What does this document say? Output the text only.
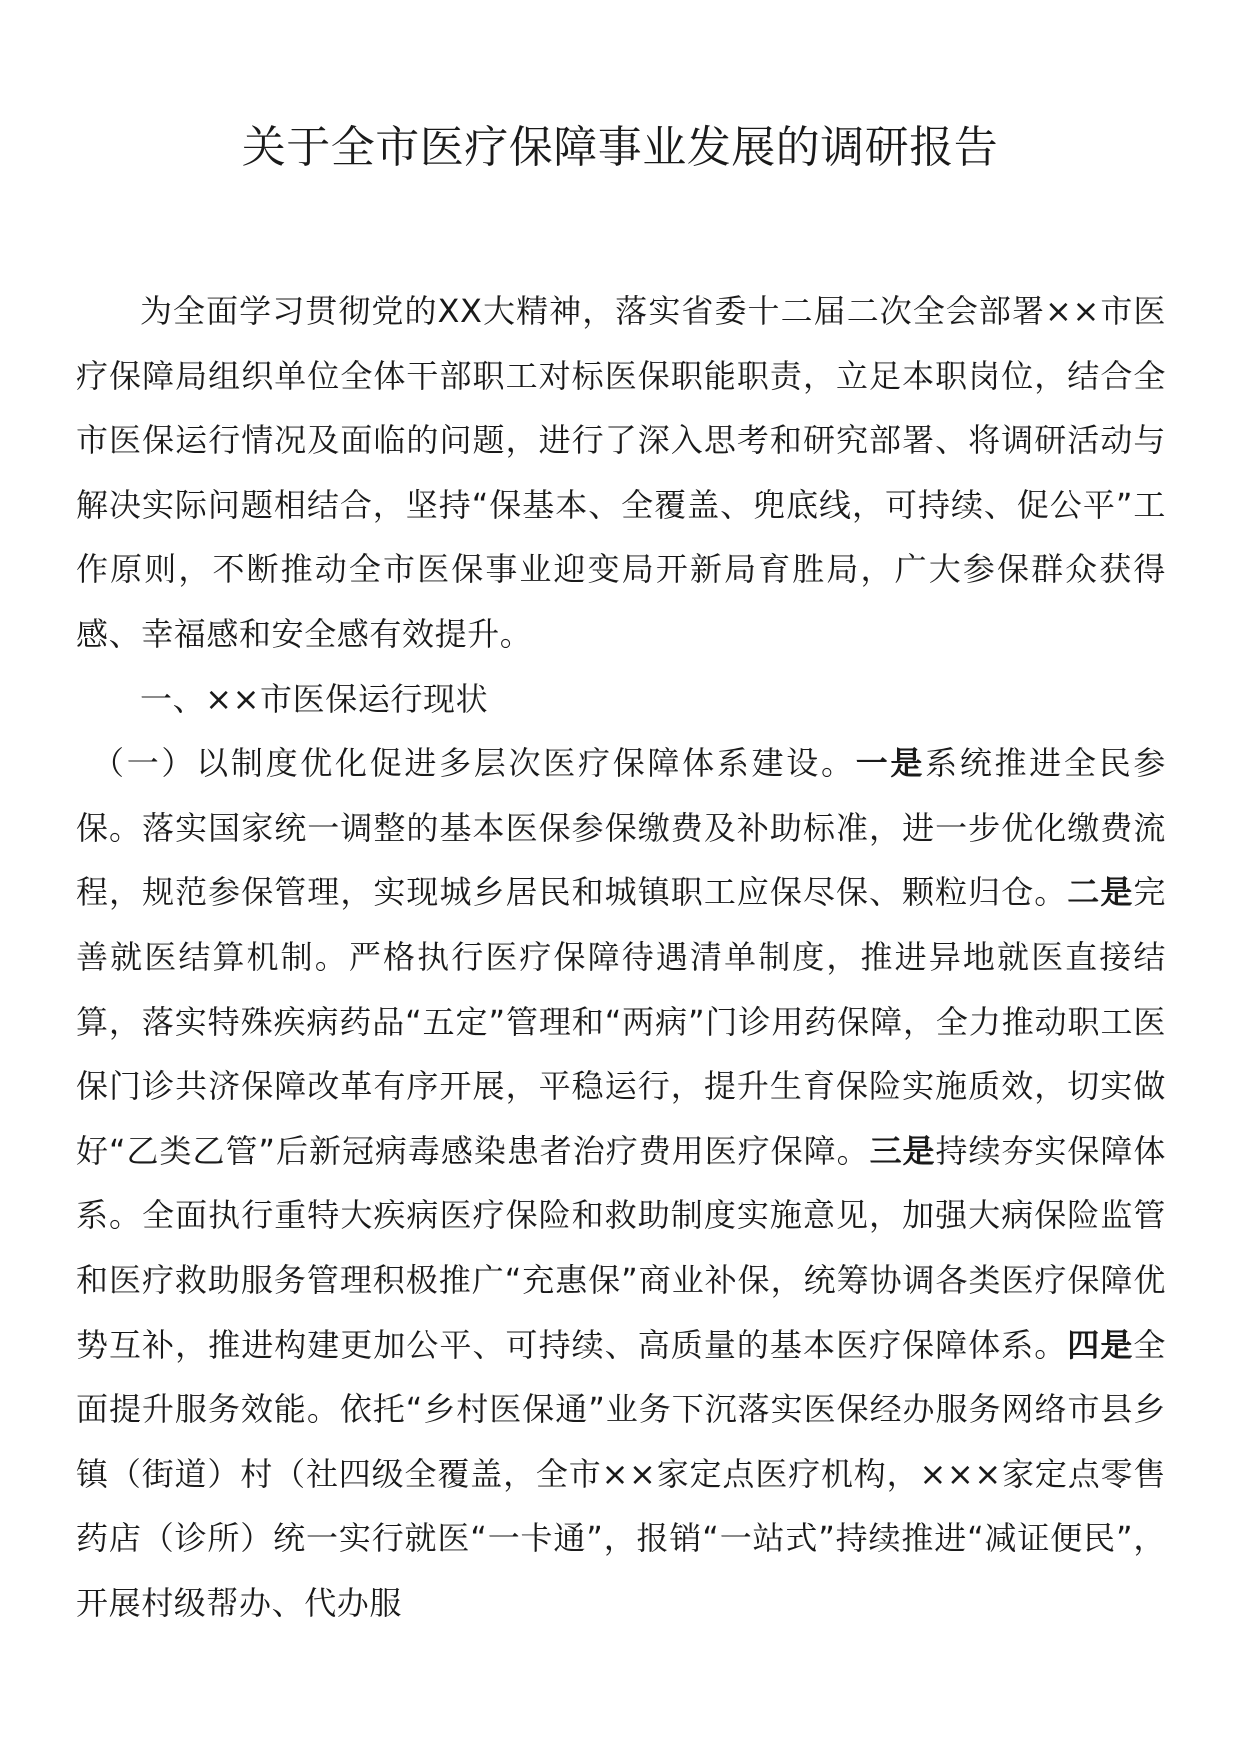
关于全市医疗保障事业发展的调研报告

为全面学习贯彻党的XX大精神，落实省委十二届二次全会部署××市医疗保障局组织单位全体干部职工对标医保职能职责，立足本职岗位，结合全市医保运行情况及面临的问题，进行了深入思考和研究部署、将调研活动与解决实际问题相结合，坚持“保基本、全覆盖、兜底线，可持续、促公平”工作原则，不断推动全市医保事业迎变局开新局育胜局，广大参保群众获得感、幸福感和安全感有效提升。

一、××市医保运行现状

（一）以制度优化促进多层次医疗保障体系建设。一是系统推进全民参保。落实国家统一调整的基本医保参保缴费及补助标准，进一步优化缴费流程，规范参保管理，实现城乡居民和城镇职工应保尽保、颗粒归仓。二是完善就医结算机制。严格执行医疗保障待遇清单制度，推进异地就医直接结算，落实特殊疾病药品“五定”管理和“两病”门诊用药保障，全力推动职工医保门诊共济保障改革有序开展，平稳运行，提升生育保险实施质效，切实做好“乙类乙管”后新冠病毒感染患者治疗费用医疗保障。三是持续夯实保障体系。全面执行重特大疾病医疗保险和救助制度实施意见，加强大病保险监管和医疗救助服务管理积极推广“充惠保”商业补保，统筹协调各类医疗保障优势互补，推进构建更加公平、可持续、高质量的基本医疗保障体系。四是全面提升服务效能。依托“乡村医保通”业务下沉落实医保经办服务网络市县乡镇（街道）村（社四级全覆盖，全市××家定点医疗机构，×××家定点零售药店（诊所）统一实行就医“一卡通”，报销“一站式”持续推进“减证便民”，开展村级帮办、代办服
